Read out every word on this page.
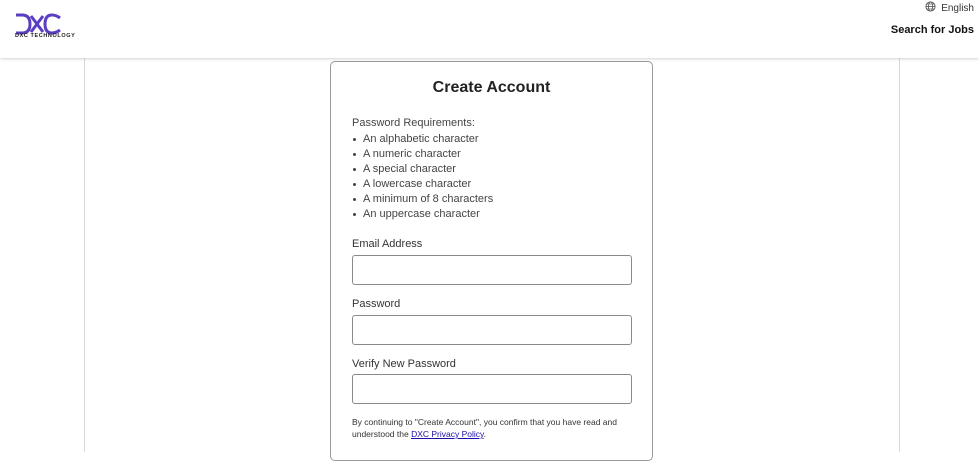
DXC TECHNOLOGY
English
Search for Jobs
Create Account
Password Requirements:
An alphabetic character
A numeric character
A special character
A lowercase character
A minimum of 8 characters
An uppercase character
Email Address
Password
Verify New Password
By continuing to "Create Account", you confirm that you have read and understood the DXC Privacy Policy.
